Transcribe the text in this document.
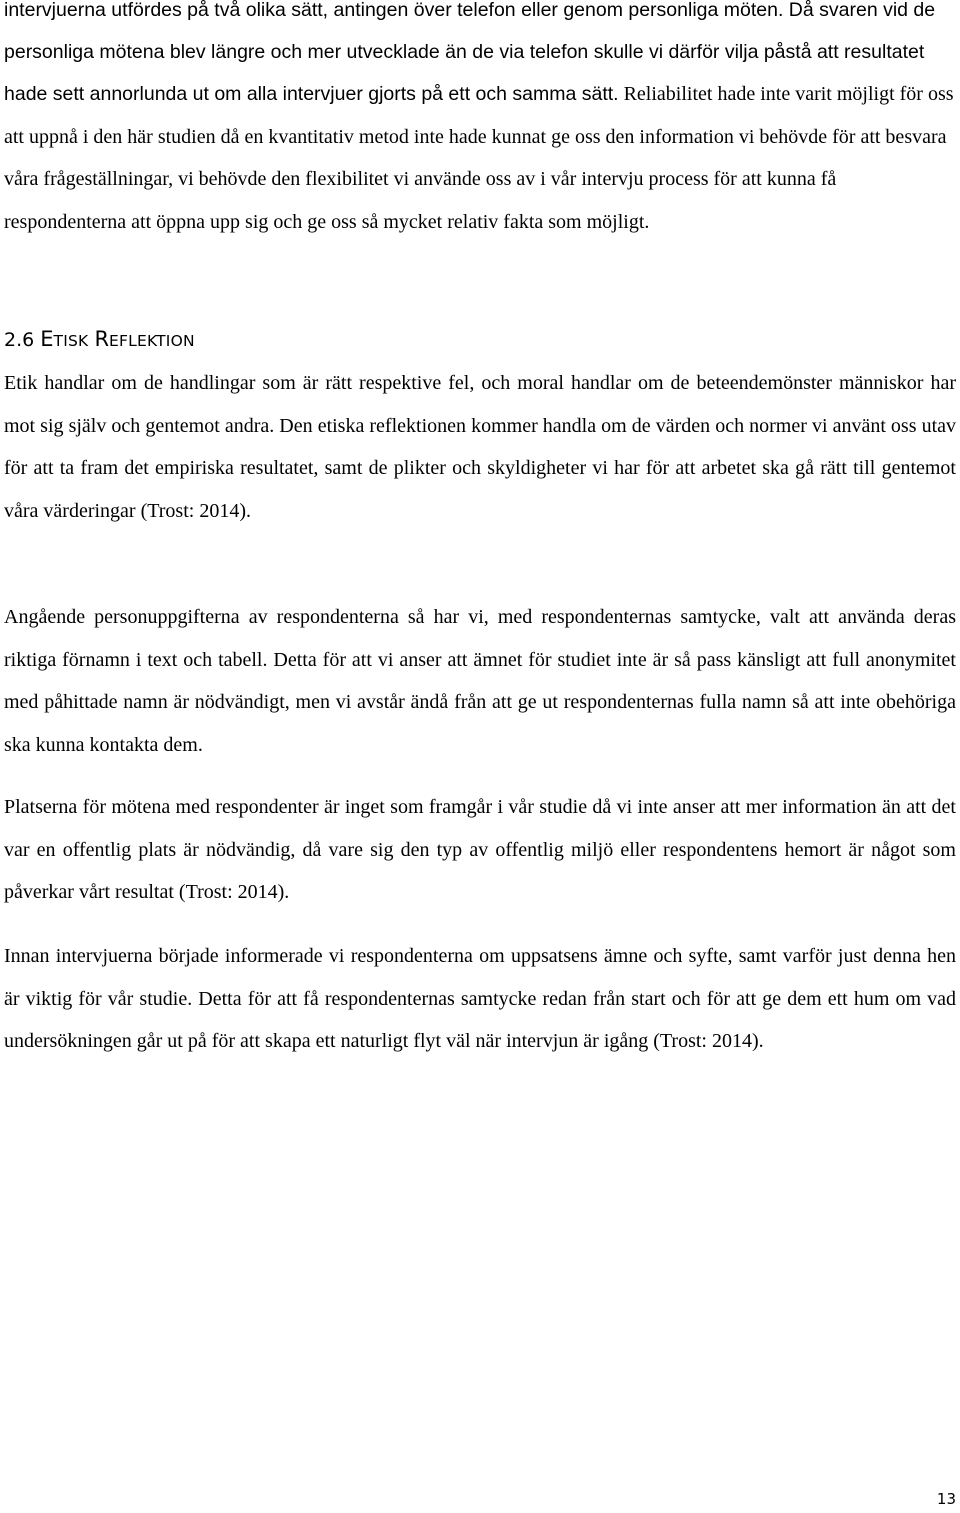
intervjuerna utfördes på två olika sätt, antingen över telefon eller genom personliga möten. Då svaren vid de personliga mötena blev längre och mer utvecklade än de via telefon skulle vi därför vilja påstå att resultatet hade sett annorlunda ut om alla intervjuer gjorts på ett och samma sätt. Reliabilitet hade inte varit möjligt för oss att uppnå i den här studien då en kvantitativ metod inte hade kunnat ge oss den information vi behövde för att besvara våra frågeställningar, vi behövde den flexibilitet vi använde oss av i vår intervju process för att kunna få respondenterna att öppna upp sig och ge oss så mycket relativ fakta som möjligt.

2.6 ETISK REFLEKTION

Etik handlar om de handlingar som är rätt respektive fel, och moral handlar om de beteendemönster människor har mot sig själv och gentemot andra. Den etiska reflektionen kommer handla om de värden och normer vi använt oss utav för att ta fram det empiriska resultatet, samt de plikter och skyldigheter vi har för att arbetet ska gå rätt till gentemot våra värderingar (Trost: 2014).

Angående personuppgifterna av respondenterna så har vi, med respondenternas samtycke, valt att använda deras riktiga förnamn i text och tabell. Detta för att vi anser att ämnet för studiet inte är så pass känsligt att full anonymitet med påhittade namn är nödvändigt, men vi avstår ändå från att ge ut respondenternas fulla namn så att inte obehöriga ska kunna kontakta dem.

Platserna för mötena med respondenter är inget som framgår i vår studie då vi inte anser att mer information än att det var en offentlig plats är nödvändig, då vare sig den typ av offentlig miljö eller respondentens hemort är något som påverkar vårt resultat (Trost: 2014).

Innan intervjuerna började informerade vi respondenterna om uppsatsens ämne och syfte, samt varför just denna hen är viktig för vår studie. Detta för att få respondenternas samtycke redan från start och för att ge dem ett hum om vad undersökningen går ut på för att skapa ett naturligt flyt väl när intervjun är igång (Trost: 2014).

13
